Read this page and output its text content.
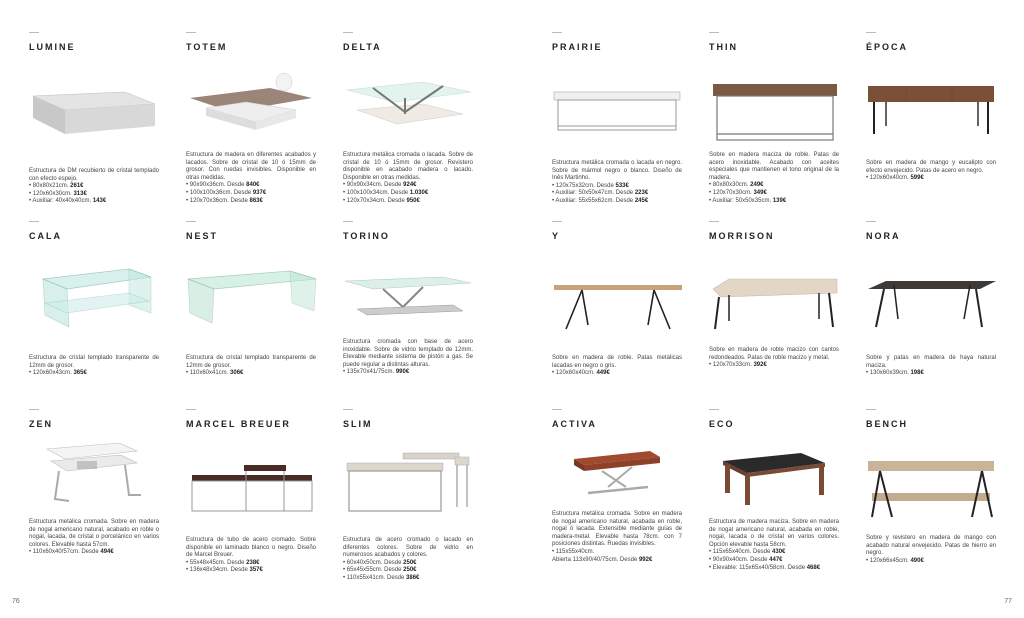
LUMINE
Estructura de DM recubierto de cristal templado con efecto espejo.
• 80x80x21cm. 261€
• 120x60x30cm. 313€
• Auxiliar: 40x40x40cm. 143€
TOTEM
Estructura de madera en diferentes acabados y lacados. Sobre de cristal de 10 ó 15mm de grosor. Con ruedas invisibles. Disponible en otras medidas.
• 90x90x36cm. Desde 840€
• 100x100x36cm. Desde 937€
• 120x70x36cm. Desde 863€
DELTA
Estructura metálica cromada o lacada. Sobre de cristal de 10 ó 15mm de grosor. Revistero disponible en acabado madera o lacado. Disponible en otras medidas.
• 90x90x34cm. Desde 924€
• 100x100x34cm. Desde 1.030€
• 120x70x34cm. Desde 950€
PRAIRIE
Estructura metálica cromada o lacada en negro. Sobre de mármol negro o blanco. Diseño de Inês Martinho.
• 120x75x32cm. Desde 533€
• Auxiliar: 50x50x47cm. Desde 223€
• Auxiliar: 55x55x62cm. Desde 245€
THIN
Sobre en madera maciza de roble. Patas de acero inoxidable. Acabado con aceites especiales que mantienen el tono original de la madera.
• 80x80x30cm. 249€
• 120x70x30cm. 349€
• Auxiliar: 50x50x35cm. 139€
ÉPOCA
Sobre en madera de mango y eucalipto con efecto envejecido. Patas de acero en negro.
• 120x60x40cm. 599€
CALA
Estructura de cristal templado transparente de 12mm de grosor.
• 120x60x43cm. 365€
NEST
Estructura de cristal templado transparente de 12mm de grosor.
• 110x60x41cm. 306€
TORINO
Estructura cromada con base de acero inoxidable. Sobre de vidrio templado de 12mm. Elevable mediante sistema de pistón a gas. Se puede regular a distintas alturas.
• 135x70x41/75cm. 990€
Y
Sobre en madera de roble. Patas metálicas lacadas en negro o gris.
• 120x60x40cm. 449€
MORRISON
Sobre en madera de roble macizo con cantos redondeados. Patas de roble macizo y metal.
• 120x70x33cm. 392€
NORA
Sobre y patas en madera de haya natural maciza.
• 130x60x39cm. 198€
ZEN
Estructura metálica cromada. Sobre en madera de nogal americano natural, acabado en roble o nogal, lacada, de cristal o porcelánico en varios colores. Elevable hasta 57cm.
• 110x60x40/57cm. Desde 494€
MARCEL BREUER
Estructura de tubo de acero cromado. Sobre disponible en laminado blanco o negro. Diseño de Marcel Breuer.
• 55x48x45cm. Desde 238€
• 136x48x34cm. Desde 357€
SLIM
Estructura de acero cromado o lacado en diferentes colores. Sobre de vidrio en numerosos acabados y colores.
• 60x40x50cm. Desde 250€
• 65x45x55cm. Desde 250€
• 110x55x41cm. Desde 386€
ACTIVA
Estructura metálica cromada. Sobre en madera de nogal americano natural, acabada en roble, nogal ó lacada. Extensible mediante guías de madera-metal. Elevable hasta 78cm. con 7 posiciones distintas. Ruedas invisibles.
• 115x55x40cm.
Abierta 113x90/40/75cm. Desde 992€
ECO
Estructura de madera maciza. Sobre en madera de nogal americano natural, acabada en roble, nogal, lacada o de cristal en varios colores. Opción elevable hasta 58cm.
• 115x65x40cm. Desde 430€
• 90x90x40cm. Desde 447€
• Elevable: 115x65x40/58cm. Desde 468€
BENCH
Sobre y revistero en madera de mango con acabado natural envejecido. Patas de hierro en negro.
• 120x66x45cm. 490€
76	77
